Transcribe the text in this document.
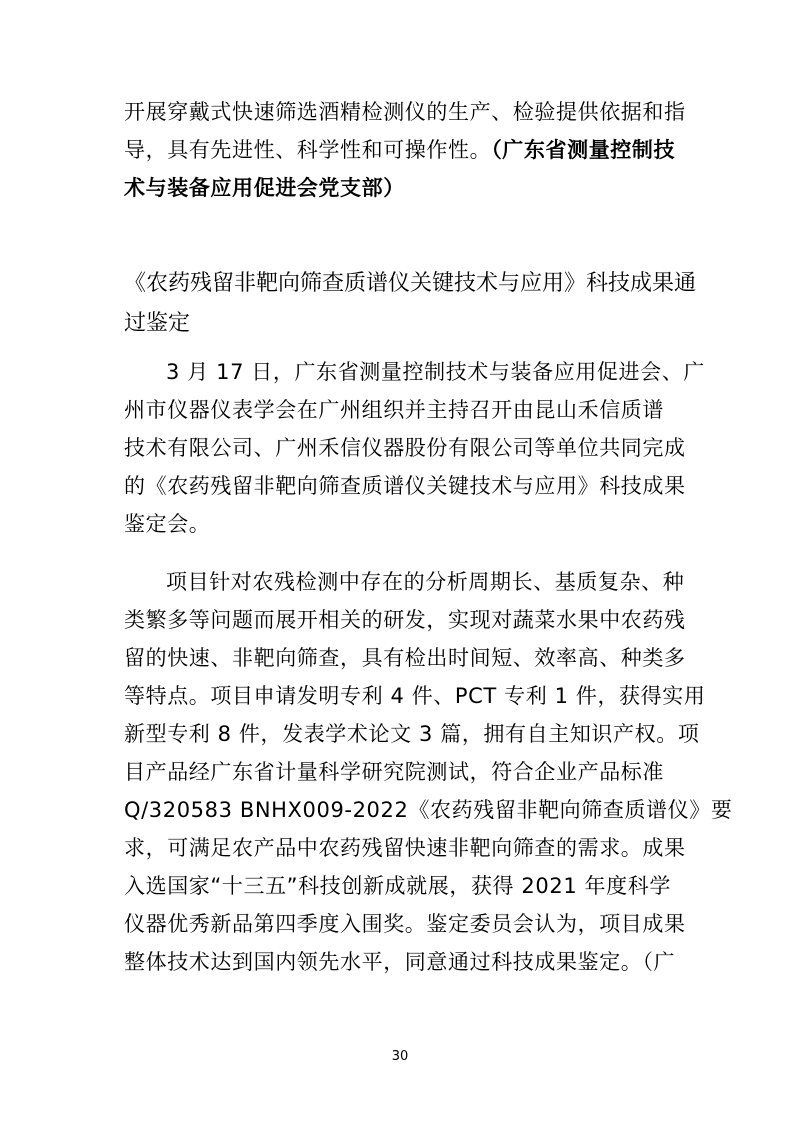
开展穿戴式快速筛选酒精检测仪的生产、检验提供依据和指
导，具有先进性、科学性和可操作性。（广东省测量控制技
术与装备应用促进会党支部）
《农药残留非靶向筛查质谱仪关键技术与应用》科技成果通
过鉴定
3 月 17 日，广东省测量控制技术与装备应用促进会、广
州市仪器仪表学会在广州组织并主持召开由昆山禾信质谱
技术有限公司、广州禾信仪器股份有限公司等单位共同完成
的《农药残留非靶向筛查质谱仪关键技术与应用》科技成果
鉴定会。
项目针对农残检测中存在的分析周期长、基质复杂、种
类繁多等问题而展开相关的研发，实现对蔬菜水果中农药残
留的快速、非靶向筛查，具有检出时间短、效率高、种类多
等特点。项目申请发明专利 4 件、PCT 专利 1 件，获得实用
新型专利 8 件，发表学术论文 3 篇，拥有自主知识产权。项
目产品经广东省计量科学研究院测试，符合企业产品标准
Q/320583 BNHX009-2022《农药残留非靶向筛查质谱仪》要
求，可满足农产品中农药残留快速非靶向筛查的需求。成果
入选国家“十三五”科技创新成就展，获得 2021 年度科学
仪器优秀新品第四季度入围奖。鉴定委员会认为，项目成果
整体技术达到国内领先水平，同意通过科技成果鉴定。（广
30
